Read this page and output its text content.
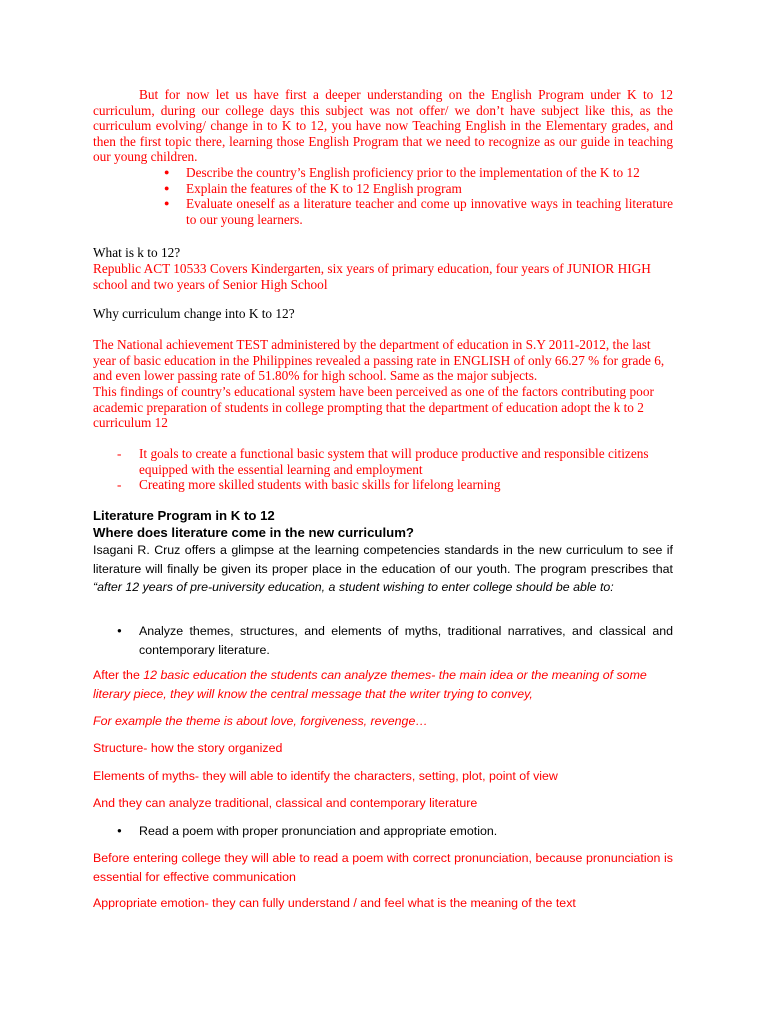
But for now let us have first a deeper understanding on the English Program under K to 12 curriculum, during our college days this subject was not offer/ we don’t have subject like this, as the curriculum evolving/ change in to K to 12, you have now Teaching English in the Elementary grades, and then the first topic there, learning those English Program that we need to recognize as our guide in teaching our young children.

● Describe the country’s English proficiency prior to the implementation of the K to 12
● Explain the features of the K to 12 English program
● Evaluate oneself as a literature teacher and come up innovative ways in teaching literature to our young learners.

What is k to 12?

Republic ACT 10533 Covers Kindergarten, six years of primary education, four years of JUNIOR HIGH school and two years of Senior High School

Why curriculum change into K to 12?

The National achievement TEST administered by the department of education in S.Y 2011-2012, the last year of basic education in the Philippines revealed a passing rate in ENGLISH of only 66.27 % for grade 6, and even lower passing rate of 51.80% for high school. Same as the major subjects.

This findings of country’s educational system have been perceived as one of the factors contributing poor academic preparation of students in college prompting that the department of education adopt the k to 2 curriculum 12

- It goals to create a functional basic system that will produce productive and responsible citizens equipped with the essential learning and employment
- Creating more skilled students with basic skills for lifelong learning

Literature Program in K to 12

Where does literature come in the new curriculum?

Isagani R. Cruz offers a glimpse at the learning competencies standards in the new curriculum to see if literature will finally be given its proper place in the education of our youth. The program prescribes that “after 12 years of pre-university education, a student wishing to enter college should be able to:

● Analyze themes, structures, and elements of myths, traditional narratives, and classical and contemporary literature.

After the 12 basic education the students can analyze themes- the main idea or the meaning of some literary piece, they will know the central message that the writer trying to convey,

For example the theme is about love, forgiveness, revenge…

Structure- how the story organized

Elements of myths- they will able to identify the characters, setting, plot, point of view

And they can analyze traditional, classical and contemporary literature

● Read a poem with proper pronunciation and appropriate emotion.

Before entering college they will able to read a poem with correct pronunciation, because pronunciation is essential for effective communication

Appropriate emotion- they can fully understand / and feel what is the meaning of the text
